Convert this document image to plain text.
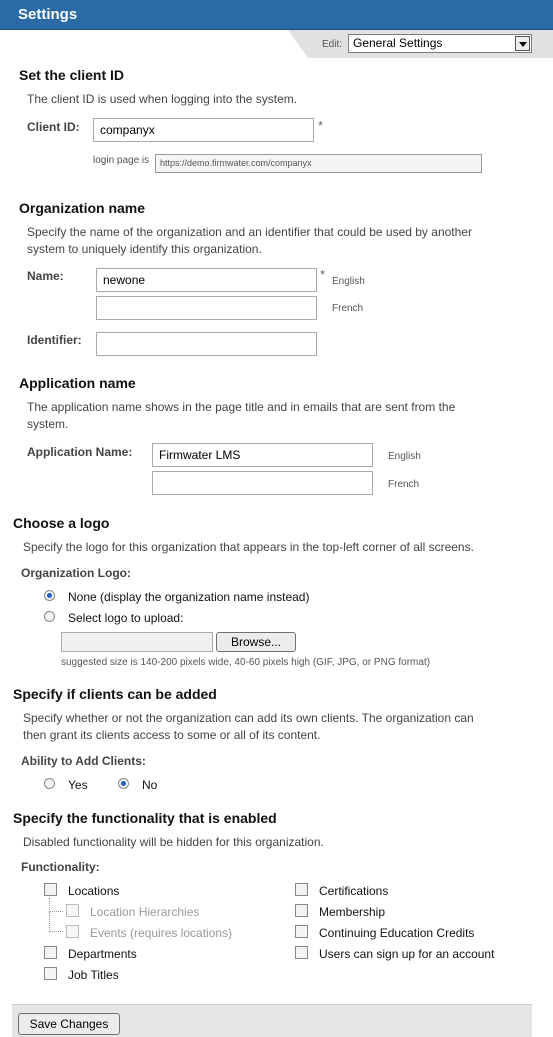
Settings
Edit: General Settings
Set the client ID
The client ID is used when logging into the system.
Client ID:	companyx	*
login page is	https://demo.firmwater.com/companyx
Organization name
Specify the name of the organization and an identifier that could be used by another
system to uniquely identify this organization.
Name:	newone	* English
French
Identifier:
Application name
The application name shows in the page title and in emails that are sent from the
system.
Application Name:	Firmwater LMS	English
French
Choose a logo
Specify the logo for this organization that appears in the top-left corner of all screens.
Organization Logo:
None (display the organization name instead)
Select logo to upload:
Browse...
suggested size is 140-200 pixels wide, 40-60 pixels high (GIF, JPG, or PNG format)
Specify if clients can be added
Specify whether or not the organization can add its own clients. The organization can
then grant its clients access to some or all of its content.
Ability to Add Clients:
Yes	No
Specify the functionality that is enabled
Disabled functionality will be hidden for this organization.
Functionality:
Locations
Location Hierarchies
Events (requires locations)
Departments
Job Titles
Certifications
Membership
Continuing Education Credits
Users can sign up for an account
Save Changes
